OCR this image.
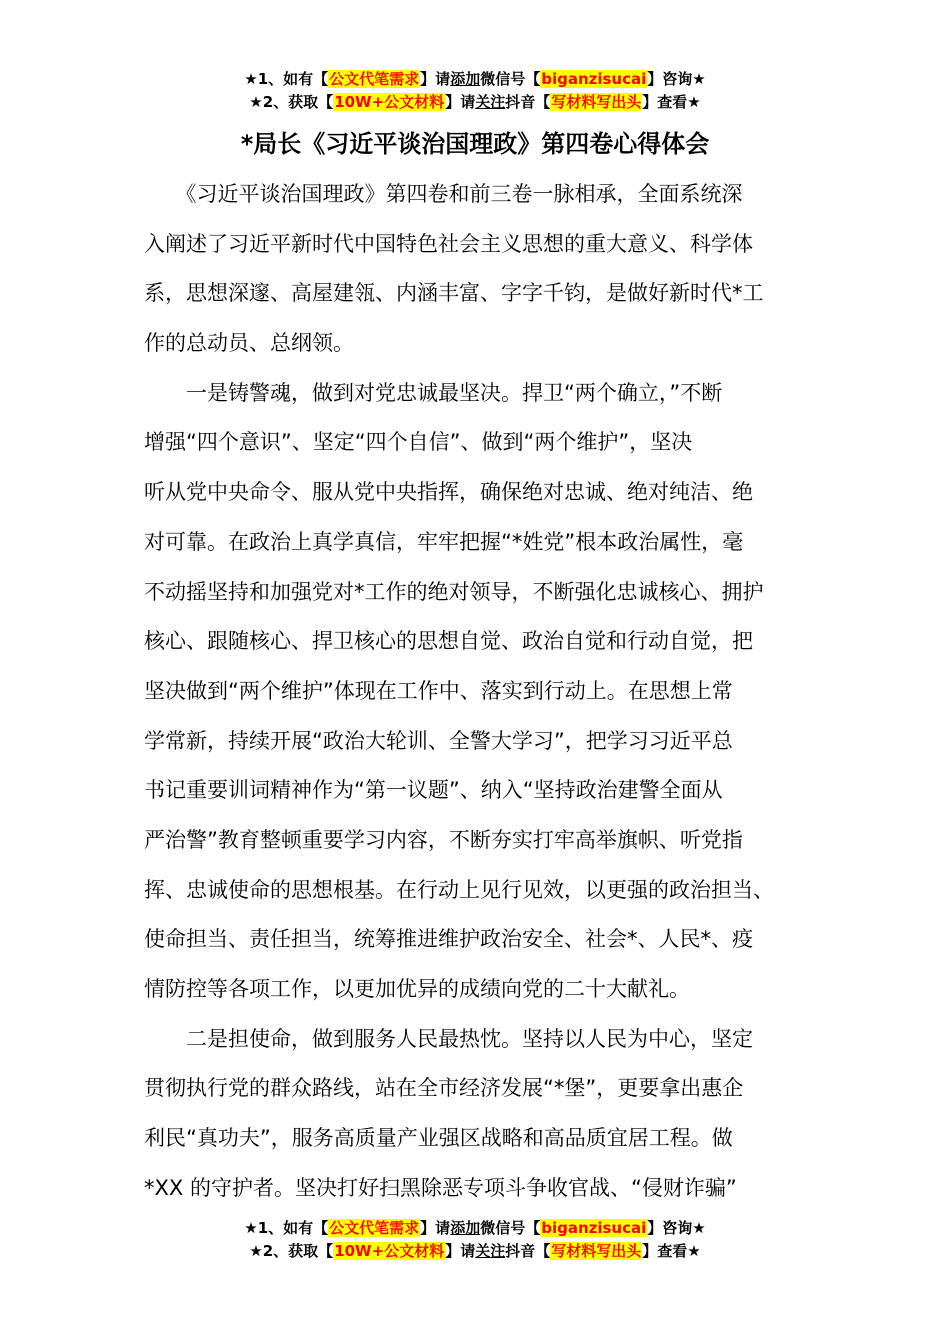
★1、如有【公文代笔需求】请添加微信号【biganzisucai】咨询★
★2、获取【10W+公文材料】请关注抖音【写材料写出头】查看★
*局长《习近平谈治国理政》第四卷心得体会

　　《习近平谈治国理政》第四卷和前三卷一脉相承，全面系统深
入阐述了习近平新时代中国特色社会主义思想的重大意义、科学体
系，思想深邃、高屋建瓴、内涵丰富、字字千钧，是做好新时代*工
作的总动员、总纲领。

　　一是铸警魂，做到对党忠诚最坚决。捍卫“两个确立，”不断
增强“四个意识”、坚定“四个自信”、做到“两个维护”，坚决
听从党中央命令、服从党中央指挥，确保绝对忠诚、绝对纯洁、绝
对可靠。在政治上真学真信，牢牢把握“*姓党”根本政治属性，毫
不动摇坚持和加强党对*工作的绝对领导，不断强化忠诚核心、拥护
核心、跟随核心、捍卫核心的思想自觉、政治自觉和行动自觉，把
坚决做到“两个维护”体现在工作中、落实到行动上。在思想上常
学常新，持续开展“政治大轮训、全警大学习”，把学习习近平总
书记重要训词精神作为“第一议题”、纳入“坚持政治建警全面从
严治警”教育整顿重要学习内容，不断夯实打牢高举旗帜、听党指
挥、忠诚使命的思想根基。在行动上见行见效，以更强的政治担当、
使命担当、责任担当，统筹推进维护政治安全、社会*、人民*、疫
情防控等各项工作，以更加优异的成绩向党的二十大献礼。

　　二是担使命，做到服务人民最热忱。坚持以人民为中心，坚定
贯彻执行党的群众路线，站在全市经济发展“*堡”，更要拿出惠企
利民“真功夫”，服务高质量产业强区战略和高品质宜居工程。做
*XX 的守护者。坚决打好扫黑除恶专项斗争收官战、“侵财诈骗”

★1、如有【公文代笔需求】请添加微信号【biganzisucai】咨询★
★2、获取【10W+公文材料】请关注抖音【写材料写出头】查看★
